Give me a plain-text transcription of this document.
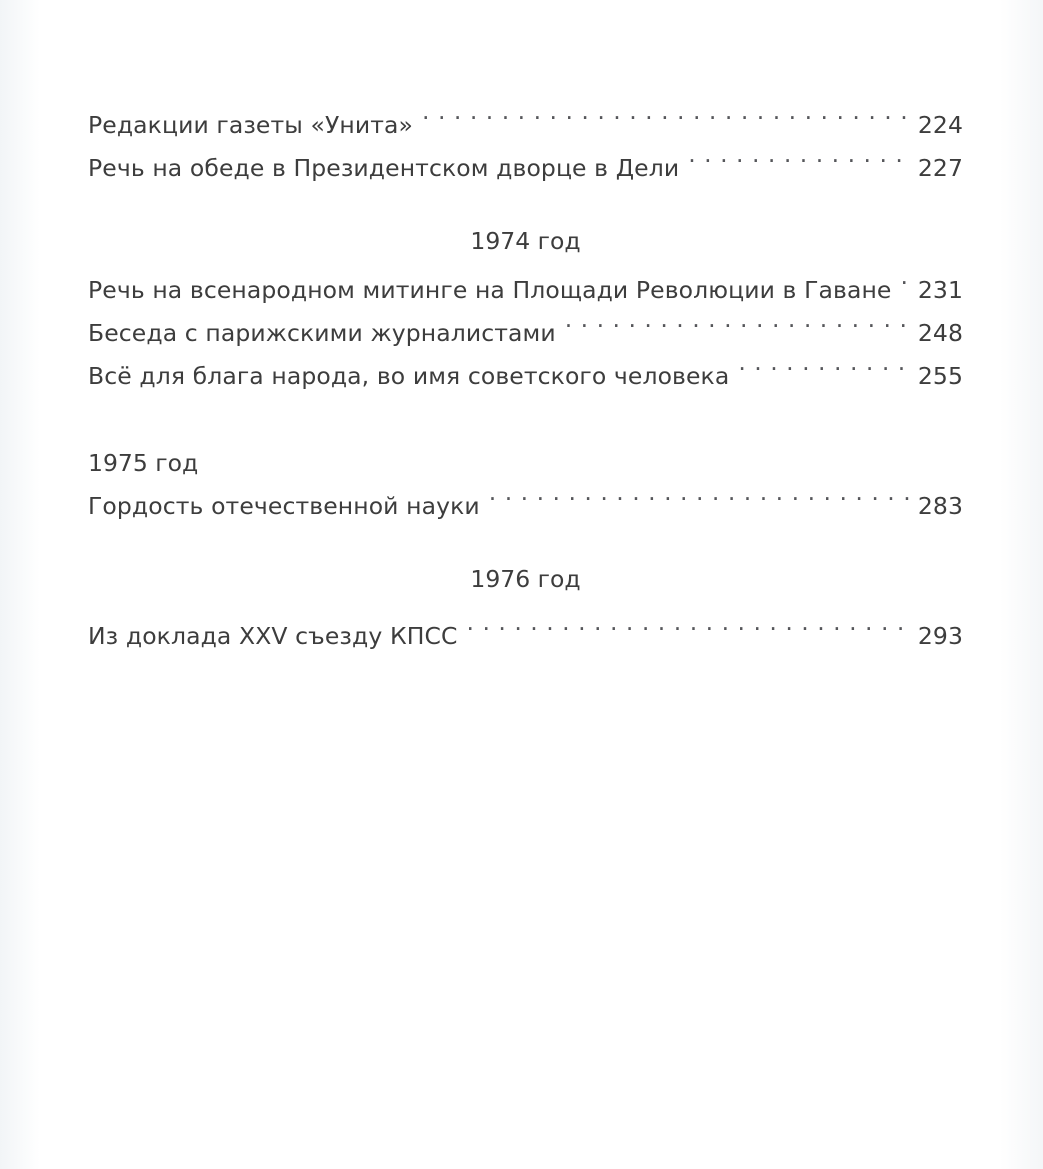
Редакции газеты «Унита» . . .	224
Речь на обеде в Президентском дворце в Дели . . .	227
1974 год
Речь на всенародном митинге на Площади Революции в Гаване . . . 231
Беседа с парижскими журналистами . . .	248
Всё для блага народа, во имя советского человека . . .	255
1975 год
Гордость отечественной науки . . .	283
1976 год
Из доклада XXV съезду КПСС . . .	293
